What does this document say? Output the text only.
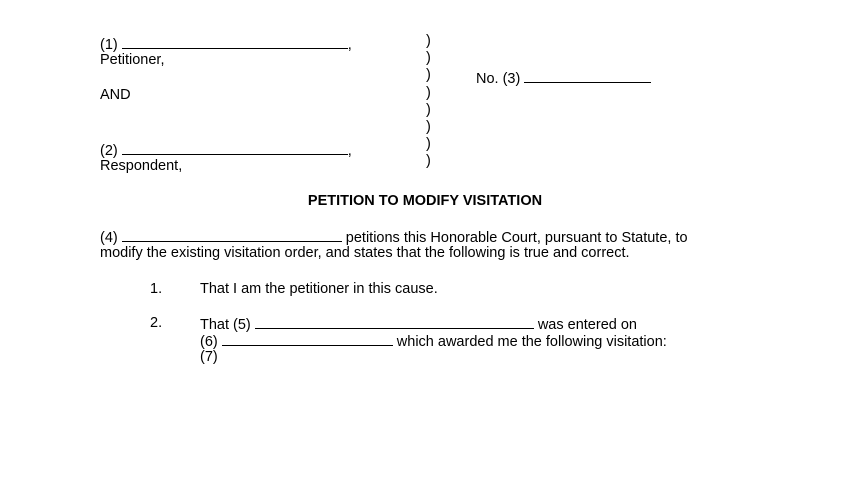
(1)	,
Petitioner,
AND
(2)	,
Respondent,
)
)
)
)
)
)
)
)
No. (3)
PETITION TO MODIFY VISITATION
(4)	petitions this Honorable Court, pursuant to Statute, to
modify the existing visitation order, and states that the following is true and correct.
1.	That I am the petitioner in this cause.
2.	That (5)	was entered on
(6)	which awarded me the following visitation:
(7)
